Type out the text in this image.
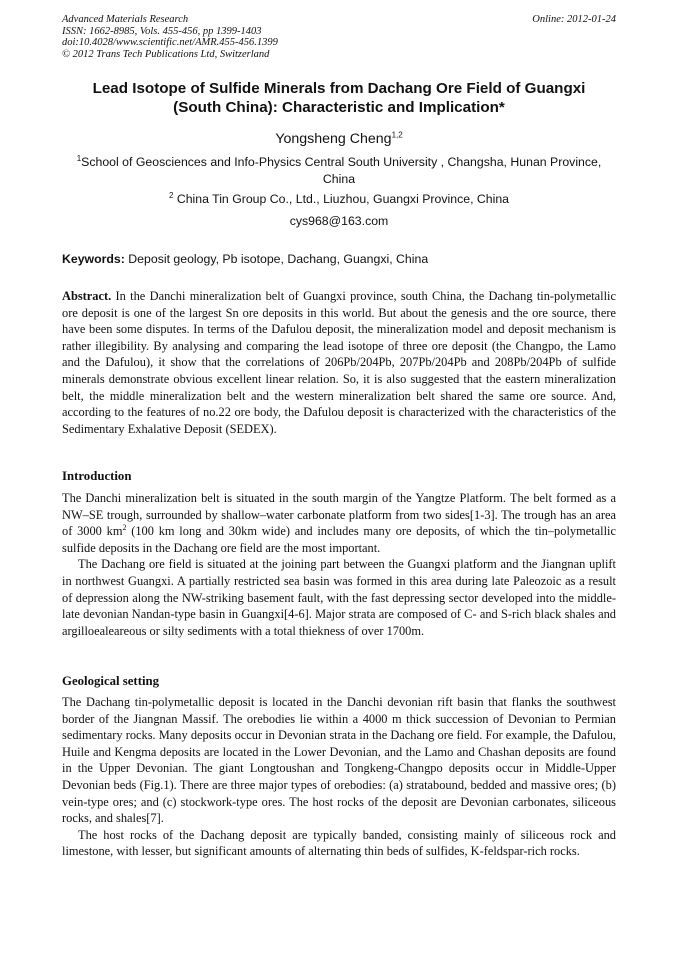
Advanced Materials Research	Online: 2012-01-24
ISSN: 1662-8985, Vols. 455-456, pp 1399-1403
doi:10.4028/www.scientific.net/AMR.455-456.1399
© 2012 Trans Tech Publications Ltd, Switzerland
Lead Isotope of Sulfide Minerals from Dachang Ore Field of Guangxi
(South China): Characteristic and Implication*
Yongsheng Cheng$^{1,2}$
$^1$School of Geosciences and Info-Physics Central South University , Changsha, Hunan Province, China
$^2$ China Tin Group Co., Ltd., Liuzhou, Guangxi Province, China
cys968@163.com
Keywords: Deposit geology, Pb isotope, Dachang, Guangxi, China
Abstract. In the Danchi mineralization belt of Guangxi province, south China, the Dachang tin-polymetallic ore deposit is one of the largest Sn ore deposits in this world. But about the genesis and the ore source, there have been some disputes. In terms of the Dafulou deposit, the mineralization model and deposit mechanism is rather illegibility. By analysing and comparing the lead isotope of three ore deposit (the Changpo, the Lamo and the Dafulou), it show that the correlations of 206Pb/204Pb, 207Pb/204Pb and 208Pb/204Pb of sulfide minerals demonstrate obvious excellent linear relation. So, it is also suggested that the eastern mineralization belt, the middle mineralization belt and the western mineralization belt shared the same ore source. And, according to the features of no.22 ore body, the Dafulou deposit is characterized with the characteristics of the Sedimentary Exhalative Deposit (SEDEX).
Introduction

The Danchi mineralization belt is situated in the south margin of the Yangtze Platform. The belt formed as a NW–SE trough, surrounded by shallow–water carbonate platform from two sides[1-3]. The trough has an area of 3000 $km^2$ (100 km long and 30km wide) and includes many ore deposits, of which the tin–polymetallic sulfide deposits in the Dachang ore field are the most important.

The Dachang ore field is situated at the joining part between the Guangxi platform and the Jiangnan uplift in northwest Guangxi. A partially restricted sea basin was formed in this area during late Paleozoic as a result of depression along the NW-striking basement fault, with the fast depressing sector developed into the middle-late devonian Nandan-type basin in Guangxi[4-6]. Major strata are composed of C- and S-rich black shales and argilloealeareous or silty sediments with a total thiekness of over 1700m.

Geological setting

The Dachang tin-polymetallic deposit is located in the Danchi devonian rift basin that flanks the southwest border of the Jiangnan Massif. The orebodies lie within a 4000 m thick succession of Devonian to Permian sedimentary rocks. Many deposits occur in Devonian strata in the Dachang ore field. For example, the Dafulou, Huile and Kengma deposits are located in the Lower Devonian, and the Lamo and Chashan deposits are found in the Upper Devonian. The giant Longtoushan and Tongkeng-Changpo deposits occur in Middle-Upper Devonian beds (Fig.1). There are three major types of orebodies: (a) stratabound, bedded and massive ores; (b) vein-type ores; and (c) stockwork-type ores. The host rocks of the deposit are Devonian carbonates, siliceous rocks, and shales[7].

The host rocks of the Dachang deposit are typically banded, consisting mainly of siliceous rock and limestone, with lesser, but significant amounts of alternating thin beds of sulfides, K-feldspar-rich rocks.
